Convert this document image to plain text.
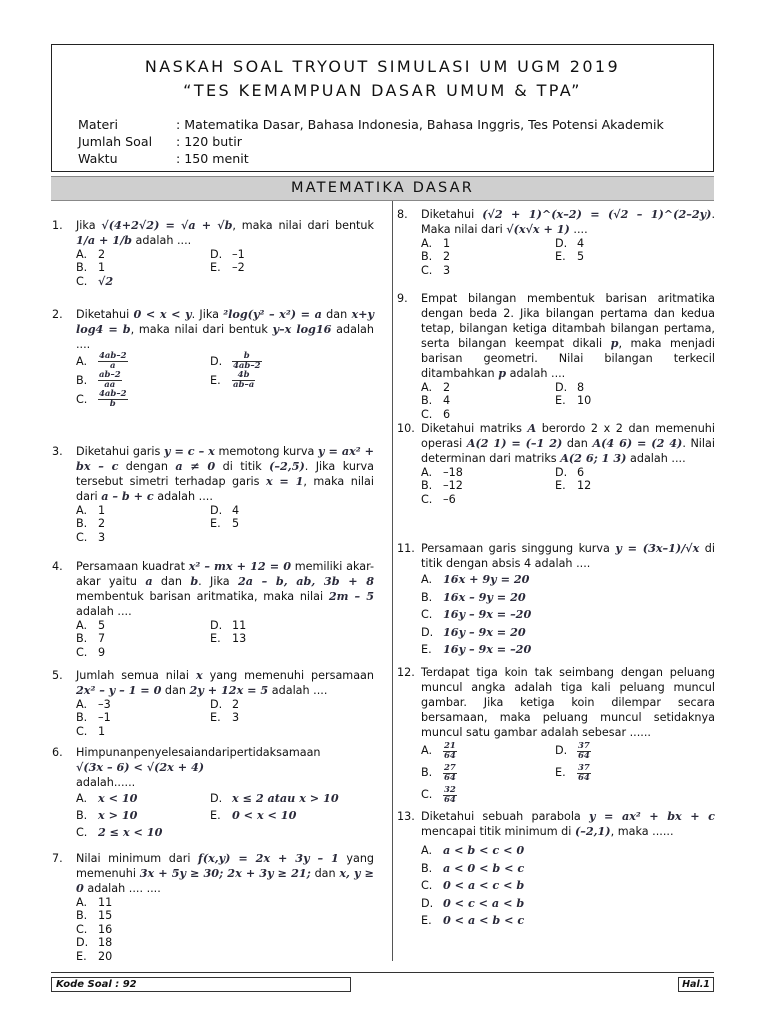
NASKAH SOAL TRYOUT SIMULASI UM UGM 2019
“TES KEMAMPUAN DASAR UMUM & TPA”
Materi	: Matematika Dasar, Bahasa Indonesia, Bahasa Inggris, Tes Potensi Akademik
Jumlah Soal	: 120 butir
Waktu	: 150 menit
MATEMATIKA DASAR
1.	Jika √(4+2√2) = √a + √b, maka nilai dari bentuk 1/a + 1/b adalah ....
A. 2	D. –1
B. 1	E. –2
C. √2
2.	Diketahui 0 < x < y. Jika ²log(y² – x²) = a dan x+y log4 = b, maka nilai dari bentuk y–x log16 adalah ....
A. $\frac{4ab-2}{a}$	D. $\frac{b}{4ab-2}$
B. $\frac{ab-2}{aa}$	E. $\frac{4b}{ab-a}$
C. $\frac{4ab-2}{b}$
3.	Diketahui garis y = c – x memotong kurva y = ax² + bx – c dengan a ≠ 0 di titik (–2,5). Jika kurva tersebut simetri terhadap garis x = 1, maka nilai dari a – b + c adalah ....
A. 1	D. 4
B. 2	E. 5
C. 3
4.	Persamaan kuadrat x² – mx + 12 = 0 memiliki akar-akar yaitu a dan b. Jika 2a – b, ab, 3b + 8 membentuk barisan aritmatika, maka nilai 2m – 5 adalah ....
A. 5	D. 11
B. 7	E. 13
C. 9
5.	Jumlah semua nilai x yang memenuhi persamaan 2x² – y – 1 = 0 dan 2y + 12x = 5 adalah ....
A. –3	D. 2
B. –1	E. 3
C. 1
6.	Himpunanpenyelesaiandaripertidaksamaan
√(3x – 6) < √(2x + 4)
adalah......
A. x < 10	D. x ≤ 2 atau x > 10
B. x > 10	E. 0 < x < 10
C. 2 ≤ x < 10
7.	Nilai minimum dari f(x,y) = 2x + 3y – 1 yang memenuhi 3x + 5y ≥ 30; 2x + 3y ≥ 21; dan x, y ≥ 0 adalah .... ....
A. 11
B. 15
C. 16
D. 18
E. 20
8.	Diketahui (√2 + 1)^(x–2) = (√2 – 1)^(2–2y). Maka nilai dari √(x√x + 1) ....
A. 1	D. 4
B. 2	E. 5
C. 3
9.	Empat bilangan membentuk barisan aritmatika dengan beda 2. Jika bilangan pertama dan kedua tetap, bilangan ketiga ditambah bilangan pertama, serta bilangan keempat dikali p, maka menjadi barisan geometri. Nilai bilangan terkecil ditambahkan p adalah ....
A. 2	D. 8
B. 4	E. 10
C. 6
10. Diketahui matriks A berordo 2 x 2 dan memenuhi operasi A(2 1) = (–1 2) dan A(4 6) = (2 4). Nilai determinan dari matriks A(2 6; 1 3) adalah ....
A. –18	D. 6
B. –12	E. 12
C. –6
11. Persamaan garis singgung kurva y = (3x–1)/√x di titik dengan absis 4 adalah ....
A. 16x + 9y = 20
B. 16x – 9y = 20
C. 16y – 9x = –20
D. 16y – 9x = 20
E. 16y – 9x = –20
12. Terdapat tiga koin tak seimbang dengan peluang muncul angka adalah tiga kali peluang muncul gambar. Jika ketiga koin dilempar secara bersamaan, maka peluang muncul setidaknya muncul satu gambar adalah sebesar ......
A. $\frac{21}{64}$	D. $\frac{37}{64}$
B. $\frac{27}{64}$	E. $\frac{37}{64}$
C. $\frac{32}{64}$
13. Diketahui sebuah parabola y = ax² + bx + c mencapai titik minimum di (–2,1), maka ......
A. a < b < c < 0
B. a < 0 < b < c
C. 0 < a < c < b
D. 0 < c < a < b
E. 0 < a < b < c
Kode Soal : 92	Hal.1
